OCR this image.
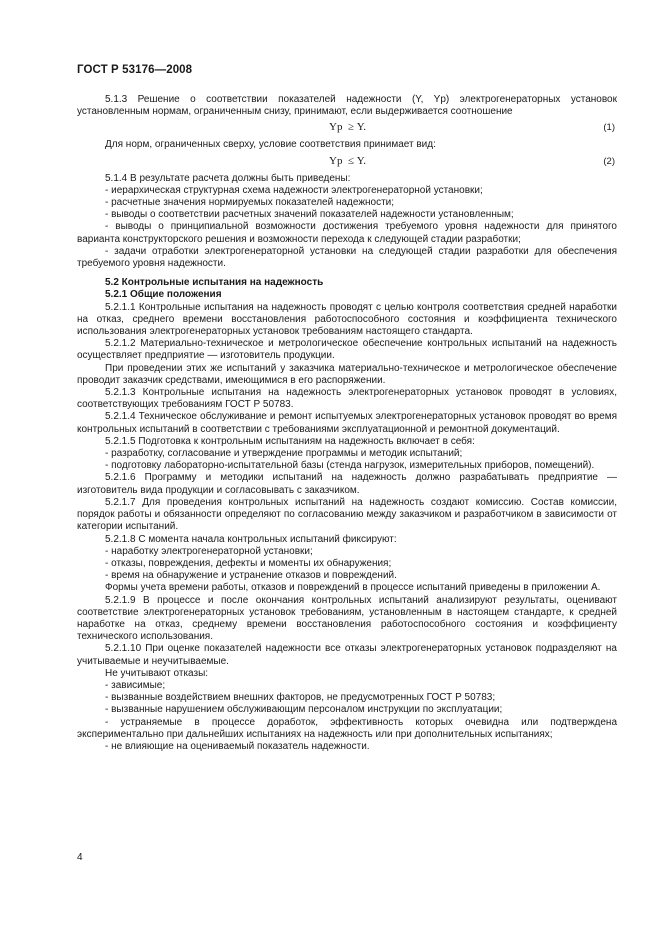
ГОСТ Р 53176—2008

5.1.3 Решение о соответствии показателей надежности (Y, Yр) электрогенераторных установок установленным нормам, ограниченным снизу, принимают, если выдерживается соотношение

Yр  ≥ Y.	(1)

Для норм, ограниченных сверху, условие соответствия принимает вид:

Yр  ≤ Y.	(2)

5.1.4 В результате расчета должны быть приведены:

- иерархическая структурная схема надежности электрогенераторной установки;

- расчетные значения нормируемых показателей надежности;

- выводы о соответствии расчетных значений показателей надежности установленным;

- выводы о принципиальной возможности достижения требуемого уровня надежности для принятого варианта конструкторского решения и возможности перехода к следующей стадии разработки;

- задачи отработки электрогенераторной установки на следующей стадии разработки для обеспечения требуемого уровня надежности.

5.2 Контрольные испытания на надежность

5.2.1 Общие положения

5.2.1.1 Контрольные испытания на надежность проводят с целью контроля соответствия средней наработки на отказ, среднего времени восстановления работоспособного состояния и коэффициента технического использования электрогенераторных установок требованиям настоящего стандарта.

5.2.1.2 Материально-техническое и метрологическое обеспечение контрольных испытаний на надежность осуществляет предприятие — изготовитель продукции.

При проведении этих же испытаний у заказчика материально-техническое и метрологическое обеспечение проводит заказчик средствами, имеющимися в его распоряжении.

5.2.1.3 Контрольные испытания на надежность электрогенераторных установок проводят в условиях, соответствующих требованиям ГОСТ Р 50783.

5.2.1.4 Техническое обслуживание и ремонт испытуемых электрогенераторных установок проводят во время контрольных испытаний в соответствии с требованиями эксплуатационной и ремонтной документаций.

5.2.1.5 Подготовка к контрольным испытаниям на надежность включает в себя:

- разработку, согласование и утверждение программы и методик испытаний;

- подготовку лабораторно-испытательной базы (стенда нагрузок, измерительных приборов, помещений).

5.2.1.6 Программу и методики испытаний на надежность должно разрабатывать предприятие — изготовитель вида продукции и согласовывать с заказчиком.

5.2.1.7 Для проведения контрольных испытаний на надежность создают комиссию. Состав комиссии, порядок работы и обязанности определяют по согласованию между заказчиком и разработчиком в зависимости от категории испытаний.

5.2.1.8 С момента начала контрольных испытаний фиксируют:

- наработку электрогенераторной установки;

- отказы, повреждения, дефекты и моменты их обнаружения;

- время на обнаружение и устранение отказов и повреждений.

Формы учета времени работы, отказов и повреждений в процессе испытаний приведены в приложении А.

5.2.1.9 В процессе и после окончания контрольных испытаний анализируют результаты, оценивают соответствие электрогенераторных установок требованиям, установленным в настоящем стандарте, к средней наработке на отказ, среднему времени восстановления работоспособного состояния и коэффициенту технического использования.

5.2.1.10 При оценке показателей надежности все отказы электрогенераторных установок подразделяют на учитываемые и неучитываемые.

Не учитывают отказы:

- зависимые;

- вызванные воздействием внешних факторов, не предусмотренных ГОСТ Р 50783;

- вызванные нарушением обслуживающим персоналом инструкции по эксплуатации;

- устраняемые в процессе доработок, эффективность которых очевидна или подтверждена экспериментально при дальнейших испытаниях на надежность или при дополнительных испытаниях;

- не влияющие на оцениваемый показатель надежности.

4
